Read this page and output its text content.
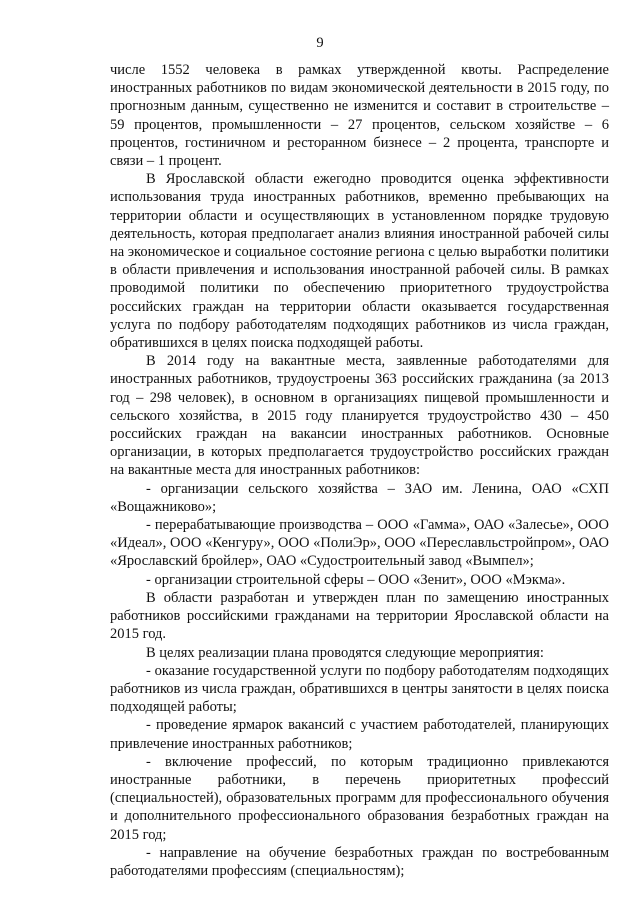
9

числе 1552 человека в рамках утвержденной квоты. Распределение иностранных работников по видам экономической деятельности в 2015 году, по прогнозным данным, существенно не изменится и составит в строительстве – 59 процентов, промышленности – 27 процентов, сельском хозяйстве – 6 процентов, гостиничном и ресторанном бизнесе – 2 процента, транспорте и связи – 1 процент.

В Ярославской области ежегодно проводится оценка эффективности использования труда иностранных работников, временно пребывающих на территории области и осуществляющих в установленном порядке трудовую деятельность, которая предполагает анализ влияния иностранной рабочей силы на экономическое и социальное состояние региона с целью выработки политики в области привлечения и использования иностранной рабочей силы. В рамках проводимой политики по обеспечению приоритетного трудоустройства российских граждан на территории области оказывается государственная услуга по подбору работодателям подходящих работников из числа граждан, обратившихся в целях поиска подходящей работы.

В 2014 году на вакантные места, заявленные работодателями для иностранных работников, трудоустроены 363 российских гражданина (за 2013 год – 298 человек), в основном в организациях пищевой промышленности и сельского хозяйства, в 2015 году планируется трудоустройство 430 – 450 российских граждан на вакансии иностранных работников. Основные организации, в которых предполагается трудоустройство российских граждан на вакантные места для иностранных работников:

- организации сельского хозяйства – ЗАО им. Ленина, ОАО «СХП «Вощажниково»;

- перерабатывающие производства – ООО «Гамма», ОАО «Залесье», ООО «Идеал», ООО «Кенгуру», ООО «ПолиЭр», ООО «Переславльстройпром», ОАО «Ярославский бройлер», ОАО «Судостроительный завод «Вымпел»;

- организации строительной сферы – ООО «Зенит», ООО «Мэкма».

В области разработан и утвержден план по замещению иностранных работников российскими гражданами на территории Ярославской области на 2015 год.

В целях реализации плана проводятся следующие мероприятия:

- оказание государственной услуги по подбору работодателям подходящих работников из числа граждан, обратившихся в центры занятости в целях поиска подходящей работы;

- проведение ярмарок вакансий с участием работодателей, планирующих привлечение иностранных работников;

- включение профессий, по которым традиционно привлекаются иностранные работники, в перечень приоритетных профессий (специальностей), образовательных программ для профессионального обучения и дополнительного профессионального образования безработных граждан на 2015 год;

- направление на обучение безработных граждан по востребованным работодателями профессиям (специальностям);
